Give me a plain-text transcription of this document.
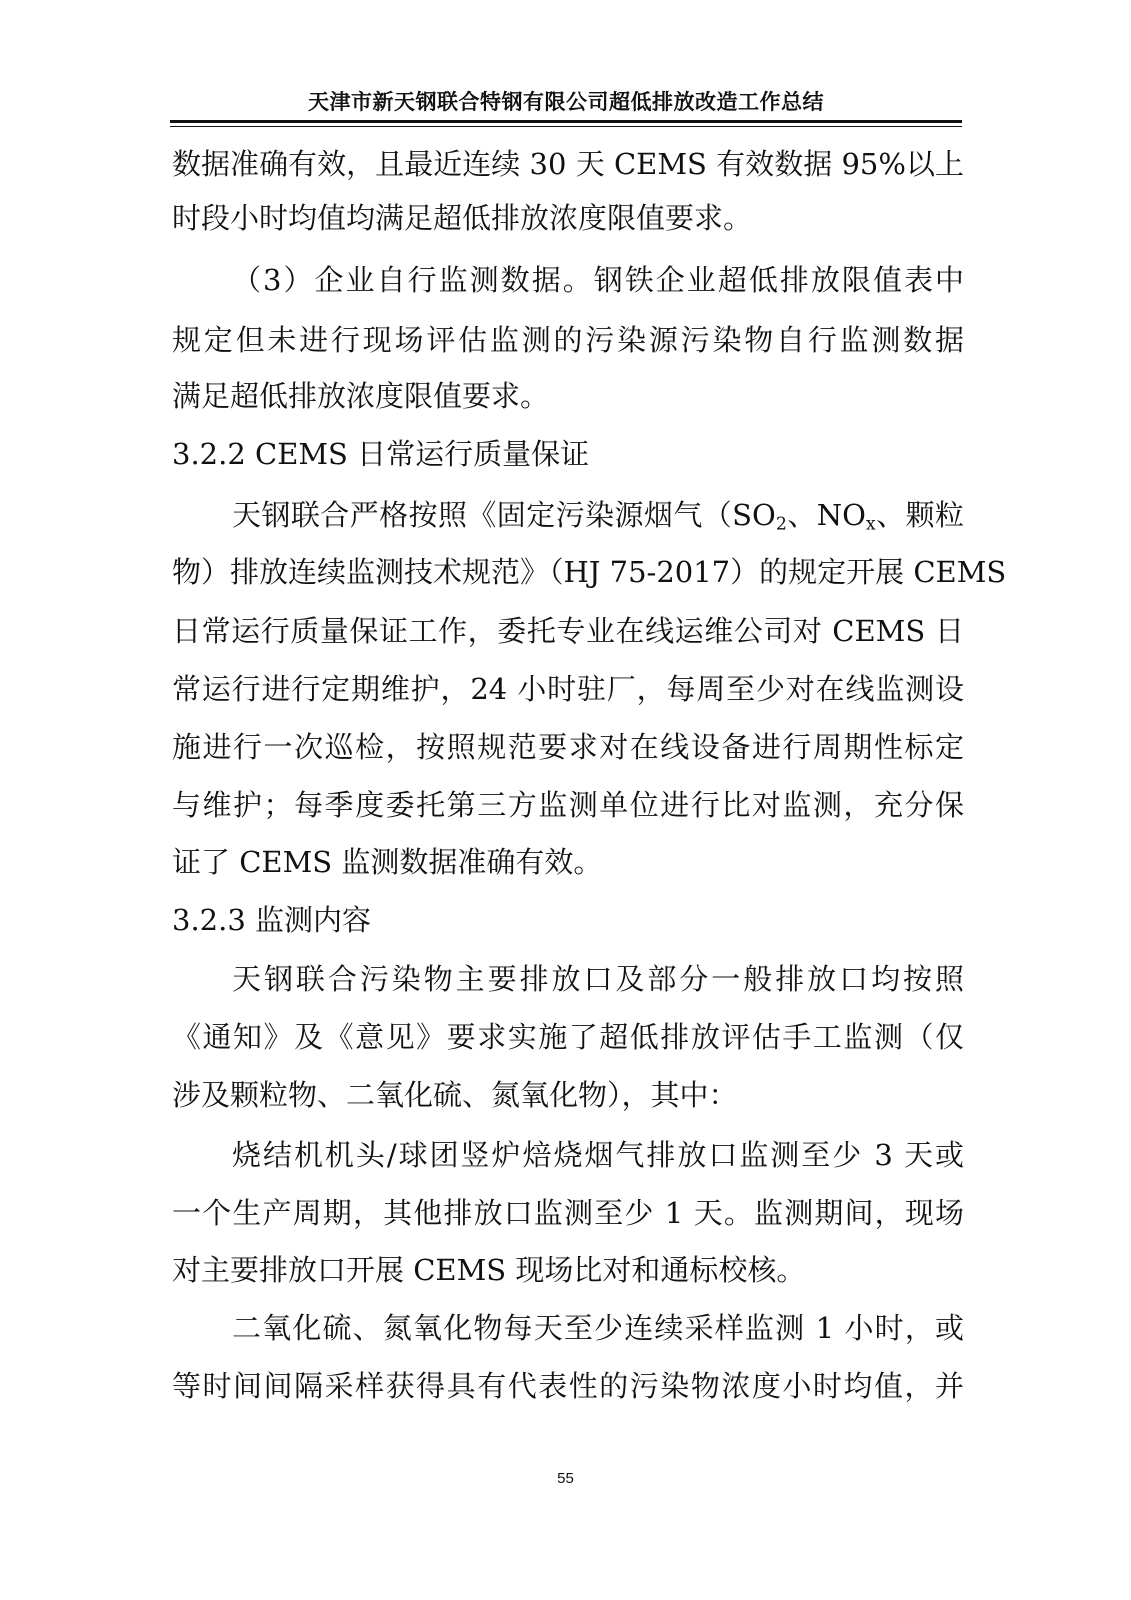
天津市新天钢联合特钢有限公司超低排放改造工作总结
数据准确有效，且最近连续 30 天 CEMS 有效数据 95%以上
时段小时均值均满足超低排放浓度限值要求。
（3）企业自行监测数据。钢铁企业超低排放限值表中
规定但未进行现场评估监测的污染源污染物自行监测数据
满足超低排放浓度限值要求。
3.2.2 CEMS 日常运行质量保证
天钢联合严格按照《固定污染源烟气（$SO_2$、$NO_x$、颗粒
物）排放连续监测技术规范》（HJ 75-2017）的规定开展 CEMS
日常运行质量保证工作，委托专业在线运维公司对 CEMS 日
常运行进行定期维护，24 小时驻厂，每周至少对在线监测设
施进行一次巡检，按照规范要求对在线设备进行周期性标定
与维护；每季度委托第三方监测单位进行比对监测，充分保
证了 CEMS 监测数据准确有效。
3.2.3 监测内容
天钢联合污染物主要排放口及部分一般排放口均按照
《通知》及《意见》要求实施了超低排放评估手工监测（仅
涉及颗粒物、二氧化硫、氮氧化物），其中：
烧结机机头/球团竖炉焙烧烟气排放口监测至少 3 天或
一个生产周期，其他排放口监测至少 1 天。监测期间，现场
对主要排放口开展 CEMS 现场比对和通标校核。
二氧化硫、氮氧化物每天至少连续采样监测 1 小时，或
等时间间隔采样获得具有代表性的污染物浓度小时均值，并
55
